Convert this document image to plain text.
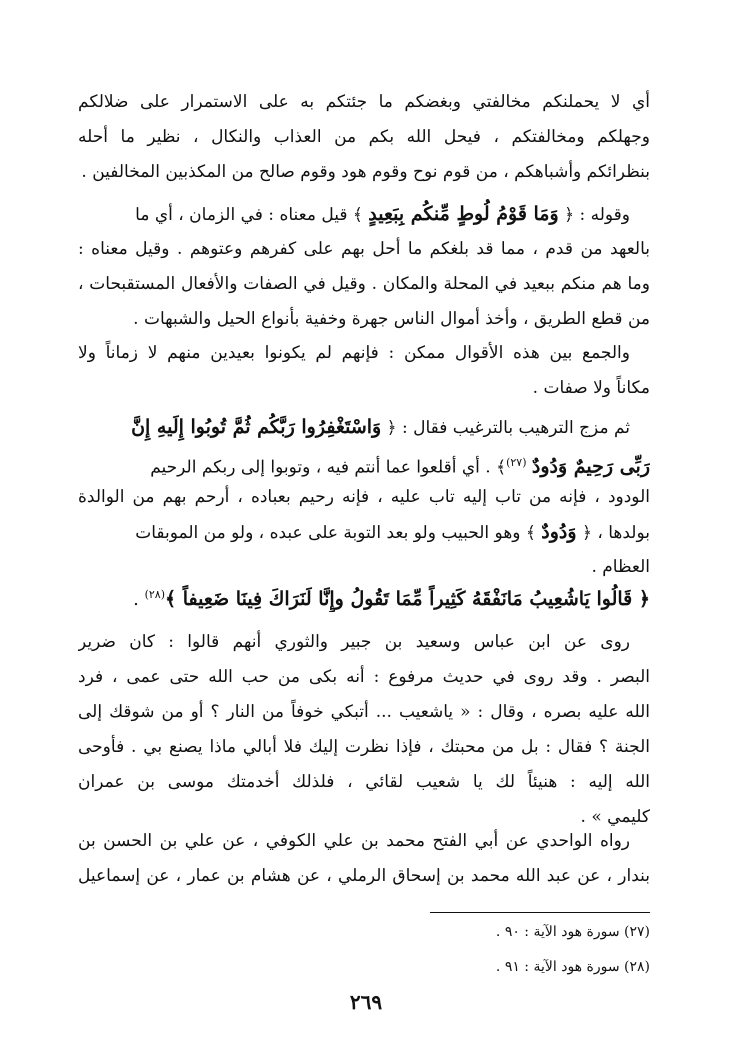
أي لا يحملنكم مخالفتي وبغضكم ما جئتكم به على الاستمرار على ضلالكم
وجهلكم ومخالفتكم ، فيحل الله بكم من العذاب والنكال ، نظير ما أحله
بنظرائكم وأشباهكم ، من قوم نوح وقوم هود وقوم صالح من المكذبين المخالفين .
وقوله : ﴿ وَمَا قَوْمُ لُوطٍ مِّنكُم بِبَعِيدٍ ﴾ قيل معناه : في الزمان ، أي ما
بالعهد من قدم ، مما قد بلغكم ما أحل بهم على كفرهم وعتوهم . وقيل معناه :
وما هم منكم ببعيد في المحلة والمكان . وقيل في الصفات والأفعال المستقبحات ،
من قطع الطريق ، وأخذ أموال الناس جهرة وخفية بأنواع الحيل والشبهات .
والجمع بين هذه الأقوال ممكن : فإنهم لم يكونوا بعيدين منهم لا زماناً ولا
مكاناً ولا صفات .
ثم مزج الترهيب بالترغيب فقال : ﴿ وَاسْتَغْفِرُوا رَبَّكُم ثُمَّ تُوبُوا إِلَيهِ إِنَّ
رَبِّى رَحِيمٌ وَدُودٌ $^{(٢٧)}$﴾ . أي أقلعوا عما أنتم فيه ، وتوبوا إلى ربكم الرحيم
الودود ، فإنه من تاب إليه تاب عليه ، فإنه رحيم بعباده ، أرحم بهم من الوالدة
بولدها ، ﴿ وَدُودٌ ﴾ وهو الحبيب ولو بعد التوبة على عبده ، ولو من الموبقات
العظام .
﴿ قَالُوا يَاشُعِيبُ مَانَفْقَهُ كَثِيراً مِّمَا تَقُولُ وإِنَّا لَنَرَاكَ فِينَا ضَعِيفاً ﴾$^{(٢٨)}$ .
روى عن ابن عباس وسعيد بن جبير والثوري أنهم قالوا : كان ضرير
البصر . وقد روى في حديث مرفوع : أنه بكى من حب الله حتى عمى ، فرد
الله عليه بصره ، وقال : « ياشعيب ... أتبكي خوفاً من النار ؟ أو من شوقك إلى
الجنة ؟ فقال : بل من محبتك ، فإذا نظرت إليك فلا أبالي ماذا يصنع بي . فأوحى
الله إليه : هنيئاً لك يا شعيب لقائي ، فلذلك أخدمتك موسى بن عمران
كليمي » .
رواه الواحدي عن أبي الفتح محمد بن علي الكوفي ، عن علي بن الحسن بن
بندار ، عن عبد الله محمد بن إسحاق الرملي ، عن هشام بن عمار ، عن إسماعيل
(٢٧) سورة هود الآية : ٩٠ .
(٢٨) سورة هود الآية : ٩١ .
٢٦٩
